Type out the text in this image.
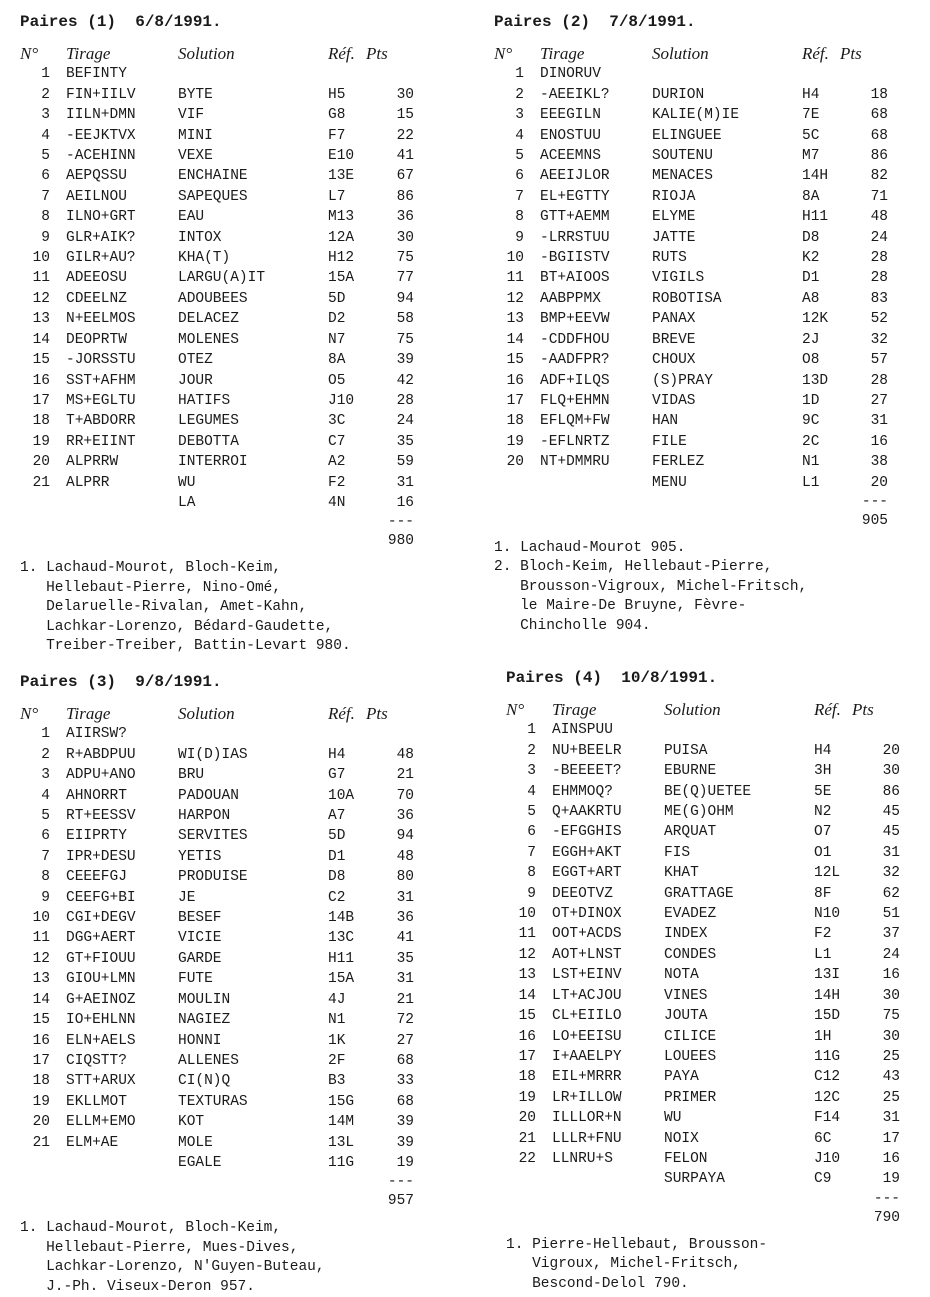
Paires (1)  6/8/1991.
N°	Tirage	Solution	Réf.	Pts
1	BEFINTY			
2	FIN+IILV	BYTE	H5	30
3	IILN+DMN	VIF	G8	15
4	-EEJKTVX	MINI	F7	22
5	-ACEHINN	VEXE	E10	41
6	AEPQSSU	ENCHAINE	13E	67
7	AEILNOU	SAPEQUES	L7	86
8	ILNO+GRT	EAU	M13	36
9	GLR+AIK?	INTOX	12A	30
10	GILR+AU?	KHA(T)	H12	75
11	ADEEOSU	LARGU(A)IT	15A	77
12	CDEELNZ	ADOUBEES	5D	94
13	N+EELMOS	DELACEZ	D2	58
14	DEOPRTW	MOLENES	N7	75
15	-JORSSTU	OTEZ	8A	39
16	SST+AFHM	JOUR	O5	42
17	MS+EGLTU	HATIFS	J10	28
18	T+ABDORR	LEGUMES	3C	24
19	RR+EIINT	DEBOTTA	C7	35
20	ALPRRW	INTERROI	A2	59
21	ALPRR	WU	F2	31
		LA	4N	16
---
980
1. Lachaud-Mourot, Bloch-Keim,
Hellebaut-Pierre, Nino-Omé,
Delaruelle-Rivalan, Amet-Kahn,
Lachkar-Lorenzo, Bédard-Gaudette,
Treiber-Treiber, Battin-Levart 980.
Paires (2)  7/8/1991.
N°	Tirage	Solution	Réf.	Pts
1	DINORUV			
2	-AEEIKL?	DURION	H4	18
3	EEEGILN	KALIE(M)IE	7E	68
4	ENOSTUU	ELINGUEE	5C	68
5	ACEEMNS	SOUTENU	M7	86
6	AEEIJLOR	MENACES	14H	82
7	EL+EGTTY	RIOJA	8A	71
8	GTT+AEMM	ELYME	H11	48
9	-LRRSTUU	JATTE	D8	24
10	-BGIISTV	RUTS	K2	28
11	BT+AIOOS	VIGILS	D1	28
12	AABPPMX	ROBOTISA	A8	83
13	BMP+EEVW	PANAX	12K	52
14	-CDDFHOU	BREVE	2J	32
15	-AADFPR?	CHOUX	O8	57
16	ADF+ILQS	(S)PRAY	13D	28
17	FLQ+EHMN	VIDAS	1D	27
18	EFLQM+FW	HAN	9C	31
19	-EFLNRTZ	FILE	2C	16
20	NT+DMMRU	FERLEZ	N1	38
		MENU	L1	20
---
905
1. Lachaud-Mourot 905.
2. Bloch-Keim, Hellebaut-Pierre,
Brousson-Vigroux, Michel-Fritsch,
le Maire-De Bruyne, Fèvre-
Chincholle 904.
Paires (3)  9/8/1991.
N°	Tirage	Solution	Réf.	Pts
1	AIIRSW?			
2	R+ABDPUU	WI(D)IAS	H4	48
3	ADPU+ANO	BRU	G7	21
4	AHNORRT	PADOUAN	10A	70
5	RT+EESSV	HARPON	A7	36
6	EIIPRTY	SERVITES	5D	94
7	IPR+DESU	YETIS	D1	48
8	CEEEFGJ	PRODUISE	D8	80
9	CEEFG+BI	JE	C2	31
10	CGI+DEGV	BESEF	14B	36
11	DGG+AERT	VICIE	13C	41
12	GT+FIOUU	GARDE	H11	35
13	GIOU+LMN	FUTE	15A	31
14	G+AEINOZ	MOULIN	4J	21
15	IO+EHLNN	NAGIEZ	N1	72
16	ELN+AELS	HONNI	1K	27
17	CIQSTT?	ALLENES	2F	68
18	STT+ARUX	CI(N)Q	B3	33
19	EKLLMOT	TEXTURAS	15G	68
20	ELLM+EMO	KOT	14M	39
21	ELM+AE	MOLE	13L	39
		EGALE	11G	19
---
957
1. Lachaud-Mourot, Bloch-Keim,
Hellebaut-Pierre, Mues-Dives,
Lachkar-Lorenzo, N'Guyen-Buteau,
J.-Ph. Viseux-Deron 957.
Paires (4)  10/8/1991.
N°	Tirage	Solution	Réf.	Pts
1	AINSPUU			
2	NU+BEELR	PUISA	H4	20
3	-BEEEET?	EBURNE	3H	30
4	EHMMOQ?	BE(Q)UETEE	5E	86
5	Q+AAKRTU	ME(G)OHM	N2	45
6	-EFGGHIS	ARQUAT	O7	45
7	EGGH+AKT	FIS	O1	31
8	EGGT+ART	KHAT	12L	32
9	DEEOTVZ	GRATTAGE	8F	62
10	OT+DINOX	EVADEZ	N10	51
11	OOT+ACDS	INDEX	F2	37
12	AOT+LNST	CONDES	L1	24
13	LST+EINV	NOTA	13I	16
14	LT+ACJOU	VINES	14H	30
15	CL+EIILO	JOUTA	15D	75
16	LO+EEISU	CILICE	1H	30
17	I+AAELPY	LOUEES	11G	25
18	EIL+MRRR	PAYA	C12	43
19	LR+ILLOW	PRIMER	12C	25
20	ILLLOR+N	WU	F14	31
21	LLLR+FNU	NOIX	6C	17
22	LLNRU+S	FELON	J10	16
		SURPAYA	C9	19
---
790
1. Pierre-Hellebaut, Brousson-
Vigroux, Michel-Fritsch,
Bescond-Delol 790.
